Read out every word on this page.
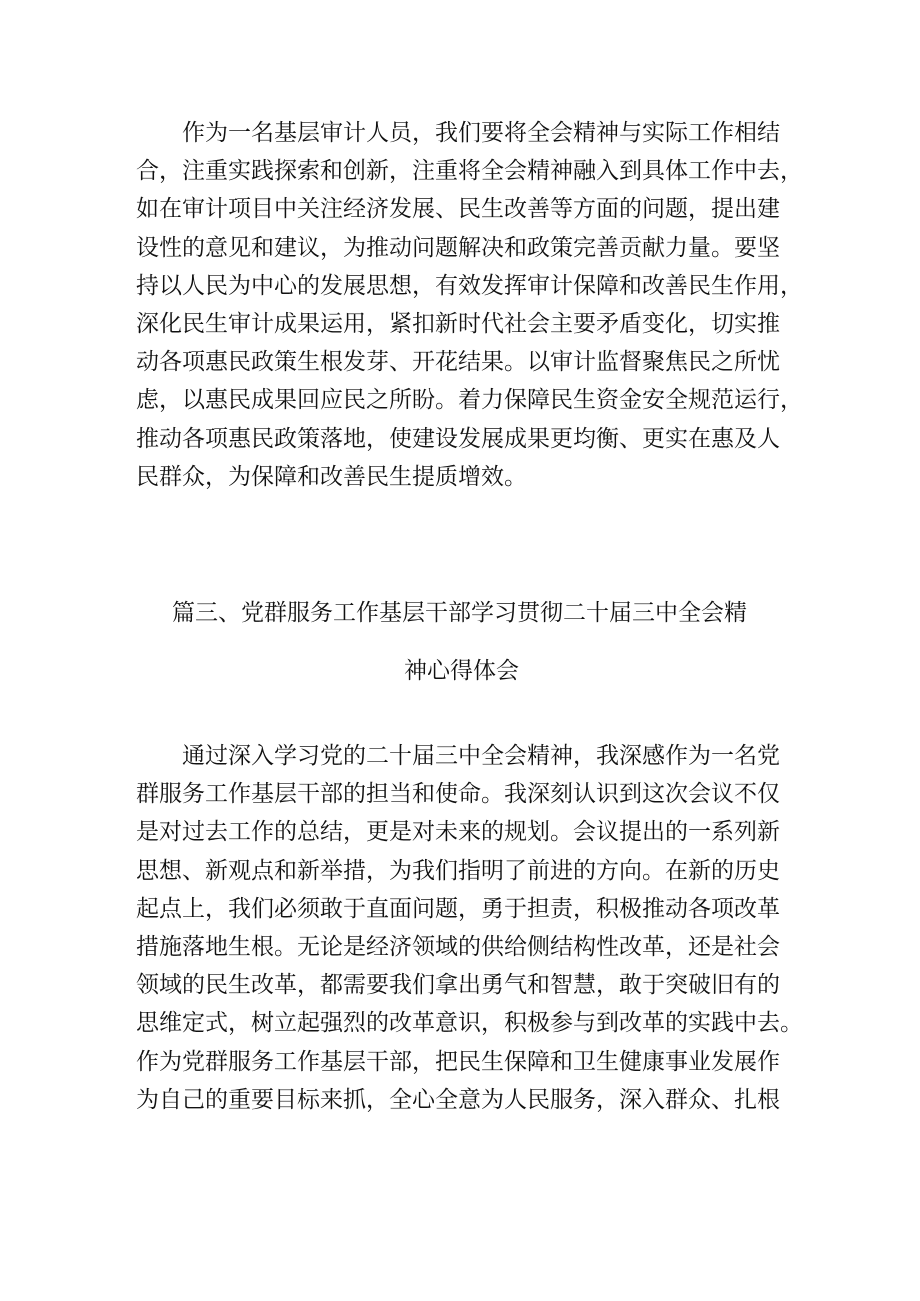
作为一名基层审计人员，我们要将全会精神与实际工作相结
合，注重实践探索和创新，注重将全会精神融入到具体工作中去，
如在审计项目中关注经济发展、民生改善等方面的问题，提出建
设性的意见和建议，为推动问题解决和政策完善贡献力量。要坚
持以人民为中心的发展思想，有效发挥审计保障和改善民生作用，
深化民生审计成果运用，紧扣新时代社会主要矛盾变化，切实推
动各项惠民政策生根发芽、开花结果。以审计监督聚焦民之所忧
虑，以惠民成果回应民之所盼。着力保障民生资金安全规范运行，
推动各项惠民政策落地，使建设发展成果更均衡、更实在惠及人
民群众，为保障和改善民生提质增效。

篇三、党群服务工作基层干部学习贯彻二十届三中全会精
神心得体会

通过深入学习党的二十届三中全会精神，我深感作为一名党
群服务工作基层干部的担当和使命。我深刻认识到这次会议不仅
是对过去工作的总结，更是对未来的规划。会议提出的一系列新
思想、新观点和新举措，为我们指明了前进的方向。在新的历史
起点上，我们必须敢于直面问题，勇于担责，积极推动各项改革
措施落地生根。无论是经济领域的供给侧结构性改革，还是社会
领域的民生改革，都需要我们拿出勇气和智慧，敢于突破旧有的
思维定式，树立起强烈的改革意识，积极参与到改革的实践中去。
作为党群服务工作基层干部，把民生保障和卫生健康事业发展作
为自己的重要目标来抓，全心全意为人民服务，深入群众、扎根
